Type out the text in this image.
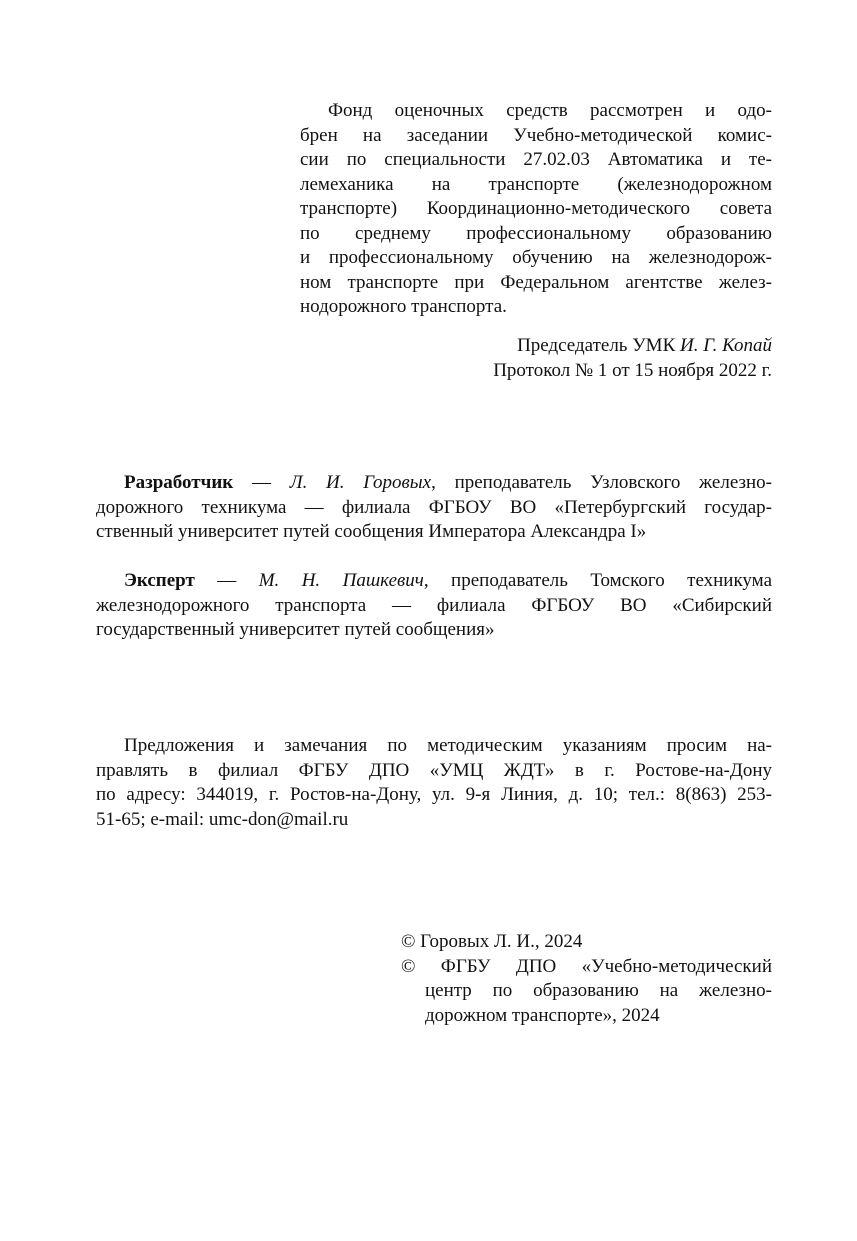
Фонд оценочных средств рассмотрен и одо-
брен на заседании Учебно-методической комис-
сии по специальности 27.02.03 Автоматика и те-
лемеханика на транспорте (железнодорожном
транспорте) Координационно-методического совета
по среднему профессиональному образованию
и профессиональному обучению на железнодорож-
ном транспорте при Федеральном агентстве желез-
нодорожного транспорта.
Председатель УМК И. Г. Копай
Протокол № 1 от 15 ноября 2022 г.
Разработчик — Л. И. Горовых, преподаватель Узловского железно-
дорожного техникума — филиала ФГБОУ ВО «Петербургский государ-
ственный университет путей сообщения Императора Александра I»
Эксперт — М. Н. Пашкевич, преподаватель Томского техникума
железнодорожного транспорта — филиала ФГБОУ ВО «Сибирский
государственный университет путей сообщения»
Предложения и замечания по методическим указаниям просим на-
правлять в филиал ФГБУ ДПО «УМЦ ЖДТ» в г. Ростове-на-Дону
по адресу: 344019, г. Ростов-на-Дону, ул. 9-я Линия, д. 10; тел.: 8(863) 253-
51-65; e-mail: umc-don@mail.ru
© Горовых Л. И., 2024
© ФГБУ ДПО «Учебно-методический
центр по образованию на железно-
дорожном транспорте», 2024
